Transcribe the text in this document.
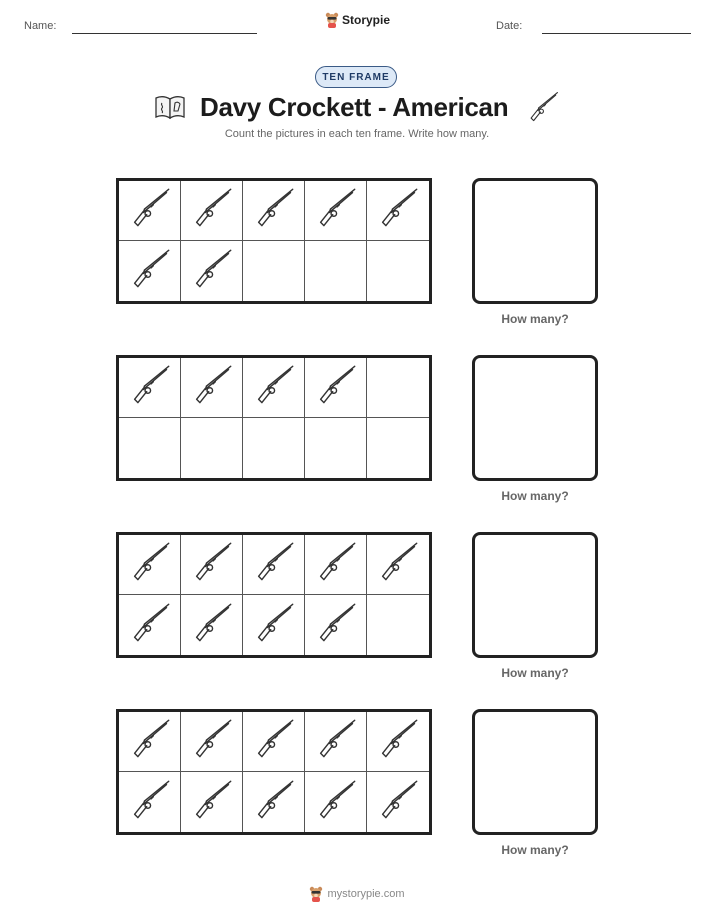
Name:	Storypie	Date:
TEN FRAME
Davy Crockett - American
Count the pictures in each ten frame. Write how many.
How many?
How many?
How many?
How many?
mystorypie.com
